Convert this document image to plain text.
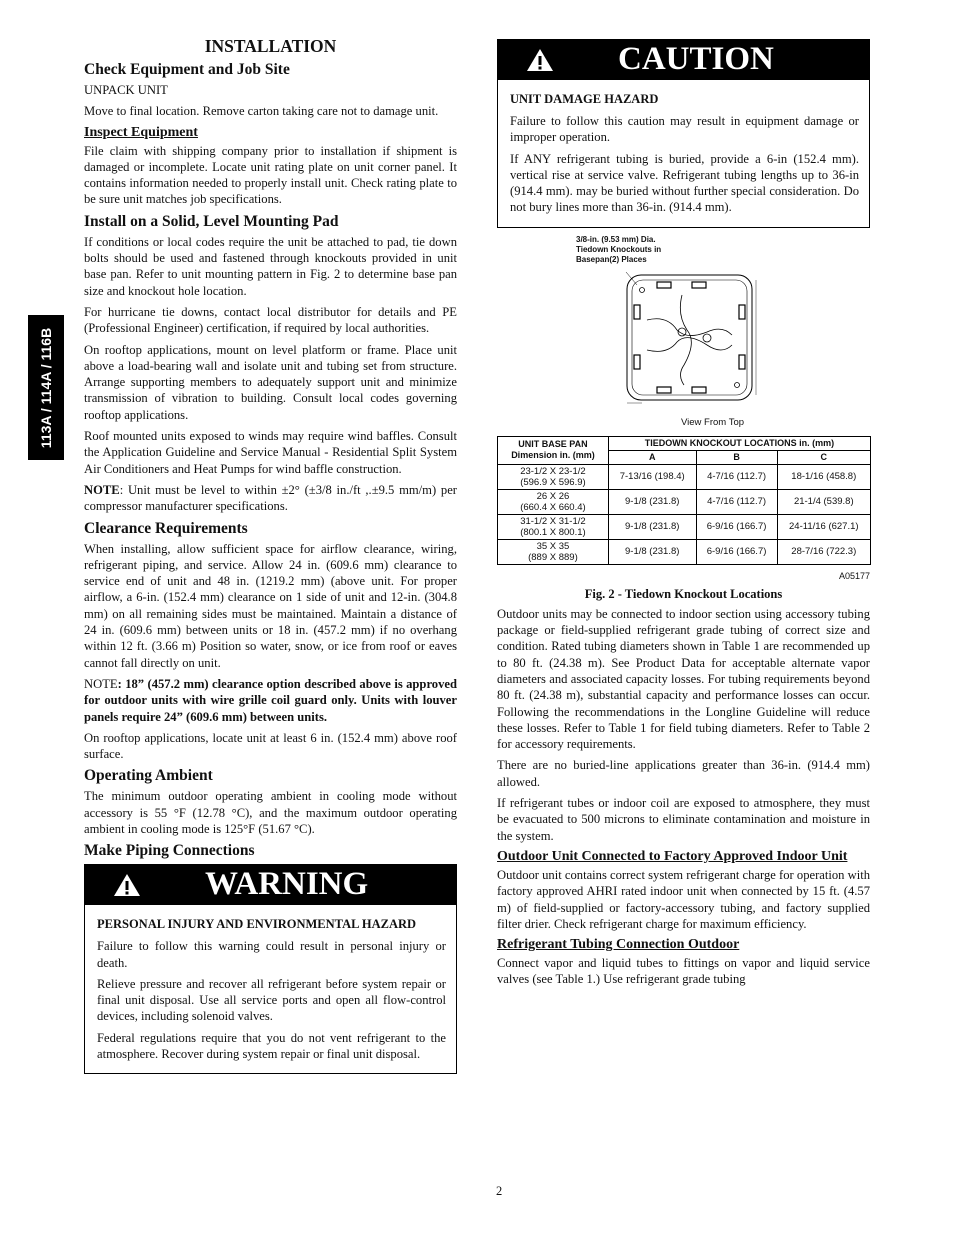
113A / 114A / 116B
INSTALLATION
Check Equipment and Job Site

UNPACK UNIT

Move to final location. Remove carton taking care not to damage unit.

Inspect Equipment

File claim with shipping company prior to installation if shipment is damaged or incomplete. Locate unit rating plate on unit corner panel. It contains information needed to properly install unit. Check rating plate to be sure unit matches job specifications.

Install on a Solid, Level Mounting Pad

If conditions or local codes require the unit be attached to pad, tie down bolts should be used and fastened through knockouts provided in unit base pan. Refer to unit mounting pattern in Fig. 2 to determine base pan size and knockout hole location.

For hurricane tie downs, contact local distributor for details and PE (Professional Engineer) certification, if required by local authorities.

On rooftop applications, mount on level platform or frame. Place unit above a load-bearing wall and isolate unit and tubing set from structure. Arrange supporting members to adequately support unit and minimize transmission of vibration to building. Consult local codes governing rooftop applications.

Roof mounted units exposed to winds may require wind baffles. Consult the Application Guideline and Service Manual - Residential Split System Air Conditioners and Heat Pumps for wind baffle construction.

NOTE: Unit must be level to within ±2° (±3/8 in./ft ,.±9.5 mm/m) per compressor manufacturer specifications.

Clearance Requirements

When installing, allow sufficient space for airflow clearance, wiring, refrigerant piping, and service. Allow 24 in. (609.6 mm) clearance to service end of unit and 48 in. (1219.2 mm) (above unit. For proper airflow, a 6-in. (152.4 mm) clearance on 1 side of unit and 12-in. (304.8 mm) on all remaining sides must be maintained. Maintain a distance of 24 in. (609.6 mm) between units or 18 in. (457.2 mm) if no overhang within 12 ft. (3.66 m) Position so water, snow, or ice from roof or eaves cannot fall directly on unit.

NOTE: 18” (457.2 mm) clearance option described above is approved for outdoor units with wire grille coil guard only. Units with louver panels require 24” (609.6 mm) between units.

On rooftop applications, locate unit at least 6 in. (152.4 mm) above roof surface.

Operating Ambient

The minimum outdoor operating ambient in cooling mode without accessory is 55 °F (12.78 °C), and the maximum outdoor operating ambient in cooling mode is 125°F (51.67 °C).

Make Piping Connections
WARNING
PERSONAL INJURY AND ENVIRONMENTAL HAZARD

Failure to follow this warning could result in personal injury or death.

Relieve pressure and recover all refrigerant before system repair or final unit disposal. Use all service ports and open all flow-control devices, including solenoid valves.

Federal regulations require that you do not vent refrigerant to the atmosphere. Recover during system repair or final unit disposal.

CAUTION
UNIT DAMAGE HAZARD

Failure to follow this caution may result in equipment damage or improper operation.

If ANY refrigerant tubing is buried, provide a 6-in (152.4 mm). vertical rise at service valve. Refrigerant tubing lengths up to 36-in (914.4 mm). may be buried without further special consideration. Do not bury lines more than 36-in. (914.4 mm).

3/8-in. (9.53 mm) Dia.
Tiedown Knockouts in
Basepan(2) Places
View From Top
UNIT BASE PAN
Dimension in. (mm)	TIEDOWN KNOCKOUT LOCATIONS in. (mm)		
	A	B	C
23-1/2 X 23-1/2
(596.9 X 596.9)	7-13/16 (198.4)	4-7/16 (112.7)	18-1/16 (458.8)
26 X 26
(660.4 X 660.4)	9-1/8 (231.8)	4-7/16 (112.7)	21-1/4 (539.8)
31-1/2 X 31-1/2
(800.1 X 800.1)	9-1/8 (231.8)	6-9/16 (166.7)	24-11/16 (627.1)
35 X 35
(889 X 889)	9-1/8 (231.8)	6-9/16 (166.7)	28-7/16 (722.3)
A05177
Fig. 2 - Tiedown Knockout Locations

Outdoor units may be connected to indoor section using accessory tubing package or field-supplied refrigerant grade tubing of correct size and condition. Rated tubing diameters shown in Table 1 are recommended up to 80 ft. (24.38 m). See Product Data for acceptable alternate vapor diameters and associated capacity losses. For tubing requirements beyond 80 ft. (24.38 m), substantial capacity and performance losses can occur. Following the recommendations in the Longline Guideline will reduce these losses. Refer to Table 1 for field tubing diameters. Refer to Table 2 for accessory requirements.

There are no buried-line applications greater than 36-in. (914.4 mm) allowed.

If refrigerant tubes or indoor coil are exposed to atmosphere, they must be evacuated to 500 microns to eliminate contamination and moisture in the system.

Outdoor Unit Connected to Factory Approved Indoor Unit

Outdoor unit contains correct system refrigerant charge for operation with factory approved AHRI rated indoor unit when connected by 15 ft. (4.57 m) of field-supplied or factory-accessory tubing, and factory supplied filter drier. Check refrigerant charge for maximum efficiency.

Refrigerant Tubing Connection Outdoor

Connect vapor and liquid tubes to fittings on vapor and liquid service valves (see Table 1.) Use refrigerant grade tubing

2
